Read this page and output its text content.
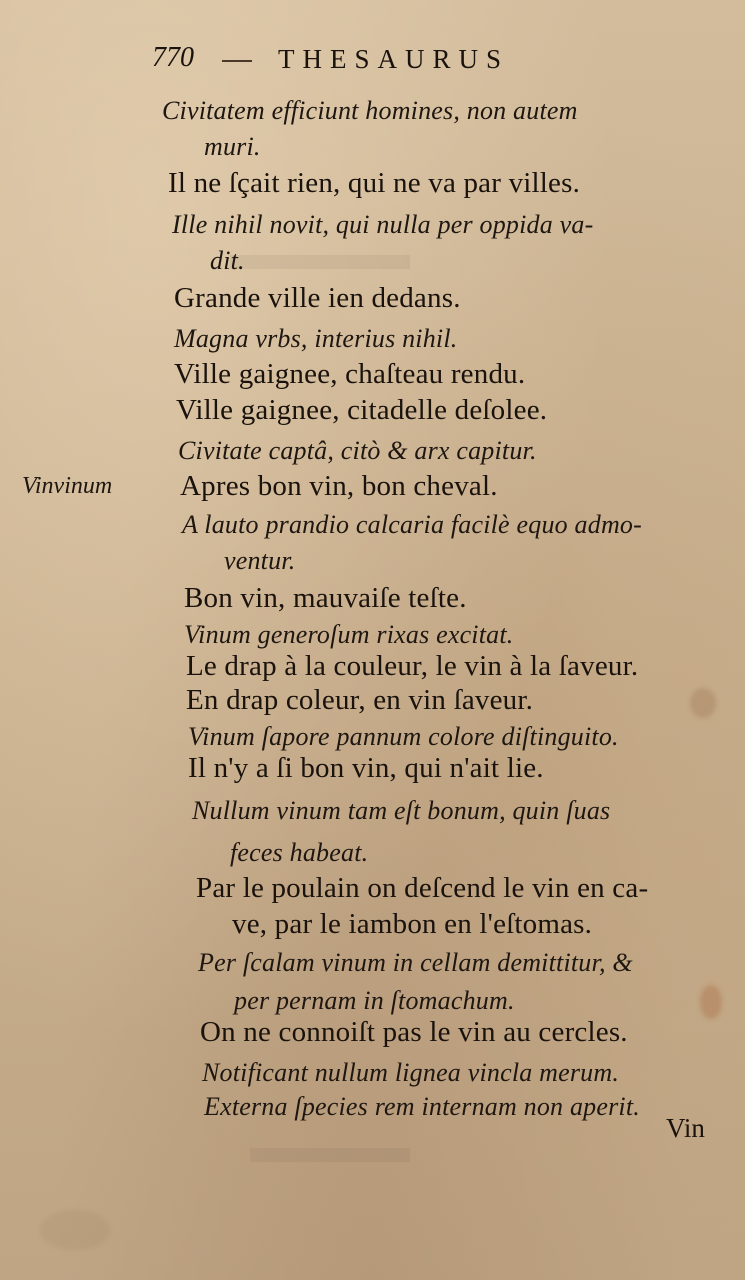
770	THESAURUS
Vinvinum
Civitatem efficiunt homines, non autem
muri.
Il ne ſçait rien, qui ne va par villes.
Ille nihil novit, qui nulla per oppida va-
dit.
Grande ville ien dedans.
Magna vrbs, interius nihil.
Ville gaignee, chaſteau rendu.
Ville gaignee, citadelle deſolee.
Civitate captâ, citò & arx capitur.
Apres bon vin, bon cheval.
A lauto prandio calcaria facilè equo admo-
ventur.
Bon vin, mauvaiſe teſte.
Vinum generoſum rixas excitat.
Le drap à la couleur, le vin à la ſaveur.
En drap coleur, en vin ſaveur.
Vinum ſapore pannum colore diſtinguito.
Il n'y a ſi bon vin, qui n'ait lie.
Nullum vinum tam eſt bonum, quin ſuas
feces habeat.
Par le poulain on deſcend le vin en ca-
ve, par le iambon en l'eſtomas.
Per ſcalam vinum in cellam demittitur, &
per pernam in ſtomachum.
On ne connoiſt pas le vin au cercles.
Notificant nullum lignea vincla merum.
Externa ſpecies rem internam non aperit.
Vin
